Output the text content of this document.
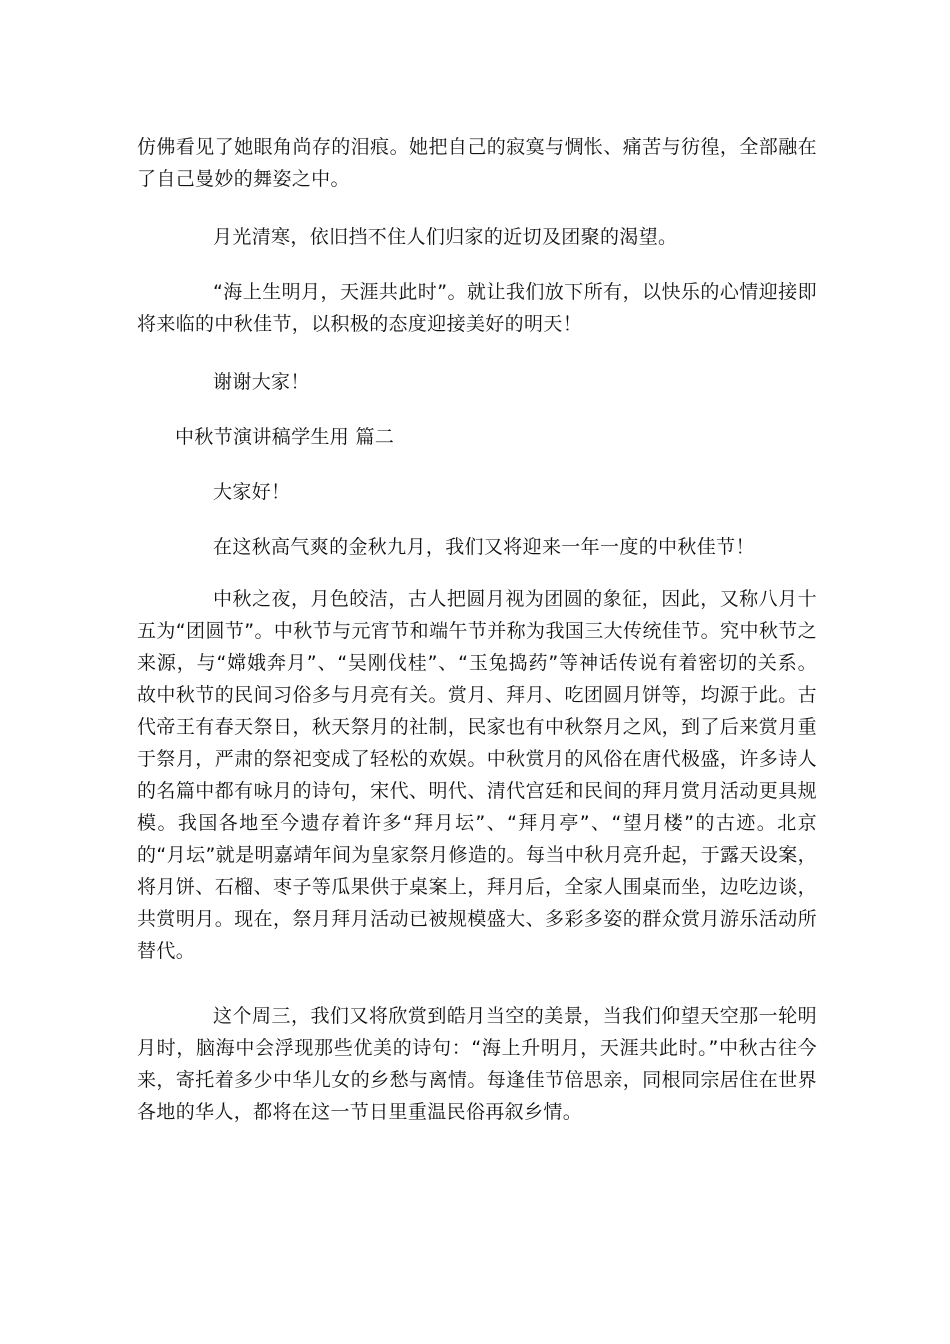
仿佛看见了她眼角尚存的泪痕。她把自己的寂寞与惆怅、痛苦与彷徨，全部融在了自己曼妙的舞姿之中。

月光清寒，依旧挡不住人们归家的近切及团聚的渴望。

“海上生明月，天涯共此时”。就让我们放下所有，以快乐的心情迎接即将来临的中秋佳节，以积极的态度迎接美好的明天！

谢谢大家！

中秋节演讲稿学生用 篇二

大家好！

在这秋高气爽的金秋九月，我们又将迎来一年一度的中秋佳节！

中秋之夜，月色皎洁，古人把圆月视为团圆的象征，因此，又称八月十五为“团圆节”。中秋节与元宵节和端午节并称为我国三大传统佳节。究中秋节之来源，与“嫦娥奔月”、“吴刚伐桂”、“玉兔捣药”等神话传说有着密切的关系。故中秋节的民间习俗多与月亮有关。赏月、拜月、吃团圆月饼等，均源于此。古代帝王有春天祭日，秋天祭月的社制，民家也有中秋祭月之风，到了后来赏月重于祭月，严肃的祭祀变成了轻松的欢娱。中秋赏月的风俗在唐代极盛，许多诗人的名篇中都有咏月的诗句，宋代、明代、清代宫廷和民间的拜月赏月活动更具规模。我国各地至今遗存着许多“拜月坛”、“拜月亭”、“望月楼”的古迹。北京的“月坛”就是明嘉靖年间为皇家祭月修造的。每当中秋月亮升起，于露天设案，将月饼、石榴、枣子等瓜果供于桌案上，拜月后，全家人围桌而坐，边吃边谈，共赏明月。现在，祭月拜月活动已被规模盛大、多彩多姿的群众赏月游乐活动所替代。

这个周三，我们又将欣赏到皓月当空的美景，当我们仰望天空那一轮明月时，脑海中会浮现那些优美的诗句：“海上升明月，天涯共此时。”中秋古往今来，寄托着多少中华儿女的乡愁与离情。每逢佳节倍思亲，同根同宗居住在世界各地的华人，都将在这一节日里重温民俗再叙乡情。
